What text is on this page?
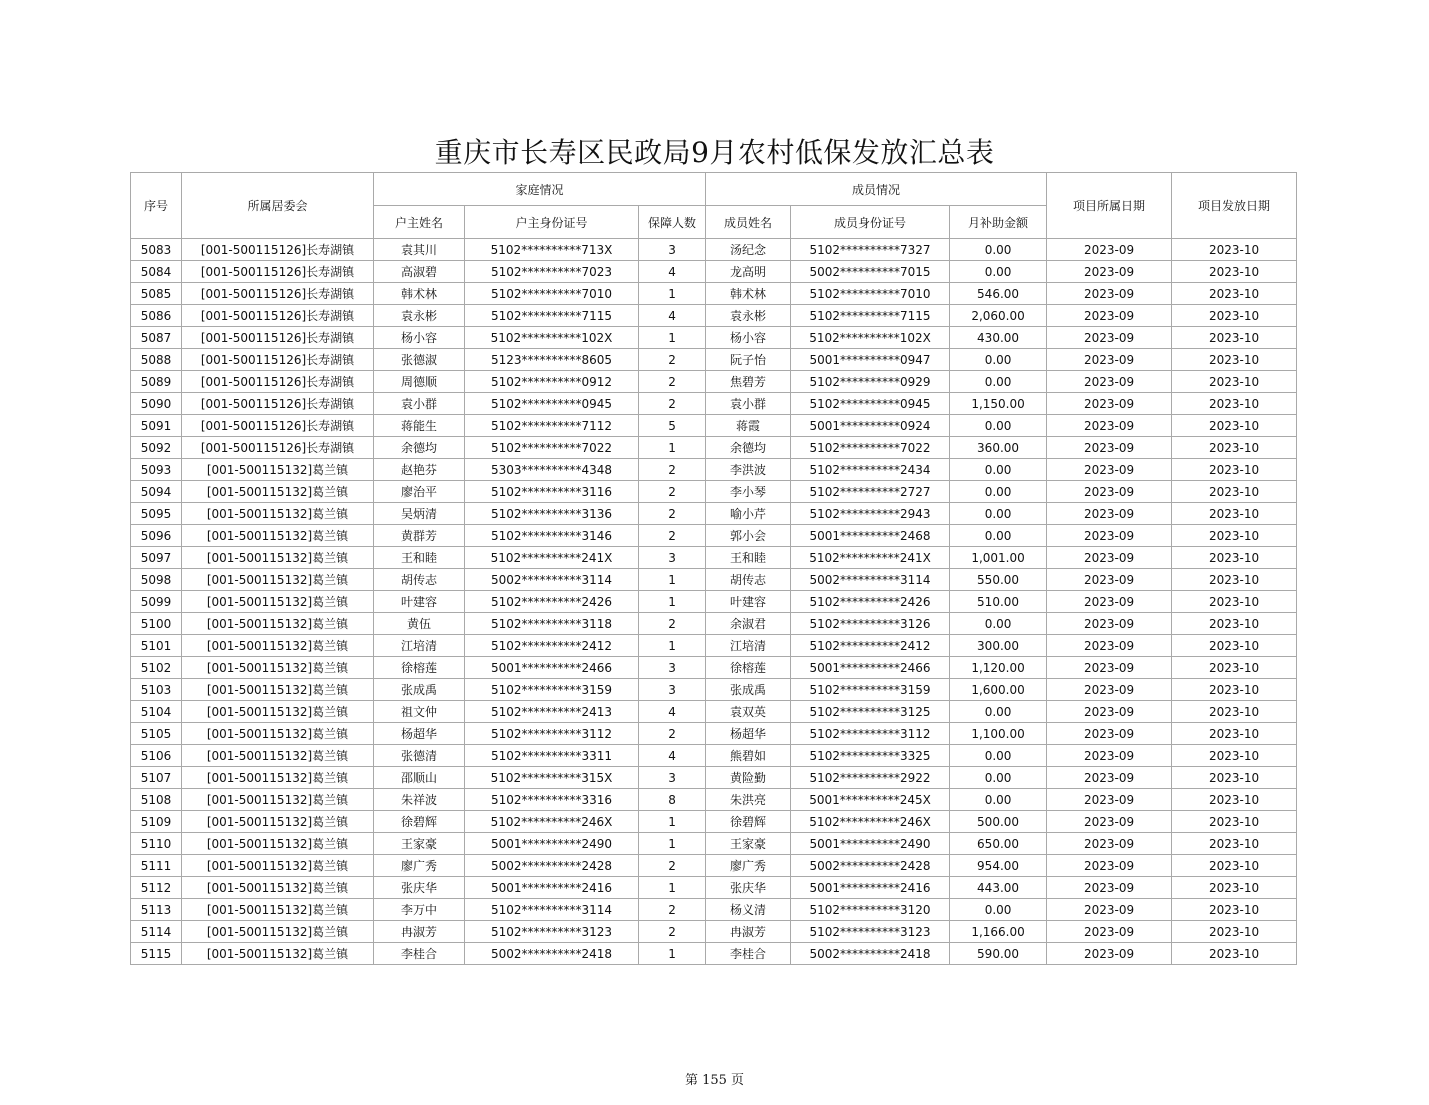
重庆市长寿区民政局9月农村低保发放汇总表
序号	所属居委会	家庭情况			成员情况			项目所属日期	项目发放日期
		户主姓名	户主身份证号	保障人数	成员姓名	成员身份证号	月补助金额		
5083	[001-500115126]长寿湖镇	袁其川	5102**********713X	3	汤纪念	5102**********7327	0.00	2023-09	2023-10
5084	[001-500115126]长寿湖镇	高淑碧	5102**********7023	4	龙高明	5002**********7015	0.00	2023-09	2023-10
5085	[001-500115126]长寿湖镇	韩术林	5102**********7010	1	韩术林	5102**********7010	546.00	2023-09	2023-10
5086	[001-500115126]长寿湖镇	袁永彬	5102**********7115	4	袁永彬	5102**********7115	2,060.00	2023-09	2023-10
5087	[001-500115126]长寿湖镇	杨小容	5102**********102X	1	杨小容	5102**********102X	430.00	2023-09	2023-10
5088	[001-500115126]长寿湖镇	张德淑	5123**********8605	2	阮子怡	5001**********0947	0.00	2023-09	2023-10
5089	[001-500115126]长寿湖镇	周德顺	5102**********0912	2	焦碧芳	5102**********0929	0.00	2023-09	2023-10
5090	[001-500115126]长寿湖镇	袁小群	5102**********0945	2	袁小群	5102**********0945	1,150.00	2023-09	2023-10
5091	[001-500115126]长寿湖镇	蒋能生	5102**********7112	5	蒋霞	5001**********0924	0.00	2023-09	2023-10
5092	[001-500115126]长寿湖镇	余德均	5102**********7022	1	余德均	5102**********7022	360.00	2023-09	2023-10
5093	[001-500115132]葛兰镇	赵艳芬	5303**********4348	2	李洪波	5102**********2434	0.00	2023-09	2023-10
5094	[001-500115132]葛兰镇	廖治平	5102**********3116	2	李小琴	5102**********2727	0.00	2023-09	2023-10
5095	[001-500115132]葛兰镇	吴炳清	5102**********3136	2	喻小芹	5102**********2943	0.00	2023-09	2023-10
5096	[001-500115132]葛兰镇	黄群芳	5102**********3146	2	郭小会	5001**********2468	0.00	2023-09	2023-10
5097	[001-500115132]葛兰镇	王和睦	5102**********241X	3	王和睦	5102**********241X	1,001.00	2023-09	2023-10
5098	[001-500115132]葛兰镇	胡传志	5002**********3114	1	胡传志	5002**********3114	550.00	2023-09	2023-10
5099	[001-500115132]葛兰镇	叶建容	5102**********2426	1	叶建容	5102**********2426	510.00	2023-09	2023-10
5100	[001-500115132]葛兰镇	黄伍	5102**********3118	2	余淑君	5102**********3126	0.00	2023-09	2023-10
5101	[001-500115132]葛兰镇	江培清	5102**********2412	1	江培清	5102**********2412	300.00	2023-09	2023-10
5102	[001-500115132]葛兰镇	徐榕莲	5001**********2466	3	徐榕莲	5001**********2466	1,120.00	2023-09	2023-10
5103	[001-500115132]葛兰镇	张成禹	5102**********3159	3	张成禹	5102**********3159	1,600.00	2023-09	2023-10
5104	[001-500115132]葛兰镇	祖文仲	5102**********2413	4	袁双英	5102**********3125	0.00	2023-09	2023-10
5105	[001-500115132]葛兰镇	杨超华	5102**********3112	2	杨超华	5102**********3112	1,100.00	2023-09	2023-10
5106	[001-500115132]葛兰镇	张德清	5102**********3311	4	熊碧如	5102**********3325	0.00	2023-09	2023-10
5107	[001-500115132]葛兰镇	邵顺山	5102**********315X	3	黄险勤	5102**********2922	0.00	2023-09	2023-10
5108	[001-500115132]葛兰镇	朱祥波	5102**********3316	8	朱洪亮	5001**********245X	0.00	2023-09	2023-10
5109	[001-500115132]葛兰镇	徐碧辉	5102**********246X	1	徐碧辉	5102**********246X	500.00	2023-09	2023-10
5110	[001-500115132]葛兰镇	王家豪	5001**********2490	1	王家豪	5001**********2490	650.00	2023-09	2023-10
5111	[001-500115132]葛兰镇	廖广秀	5002**********2428	2	廖广秀	5002**********2428	954.00	2023-09	2023-10
5112	[001-500115132]葛兰镇	张庆华	5001**********2416	1	张庆华	5001**********2416	443.00	2023-09	2023-10
5113	[001-500115132]葛兰镇	李万中	5102**********3114	2	杨义清	5102**********3120	0.00	2023-09	2023-10
5114	[001-500115132]葛兰镇	冉淑芳	5102**********3123	2	冉淑芳	5102**********3123	1,166.00	2023-09	2023-10
5115	[001-500115132]葛兰镇	李桂合	5002**********2418	1	李桂合	5002**********2418	590.00	2023-09	2023-10
第 155 页
